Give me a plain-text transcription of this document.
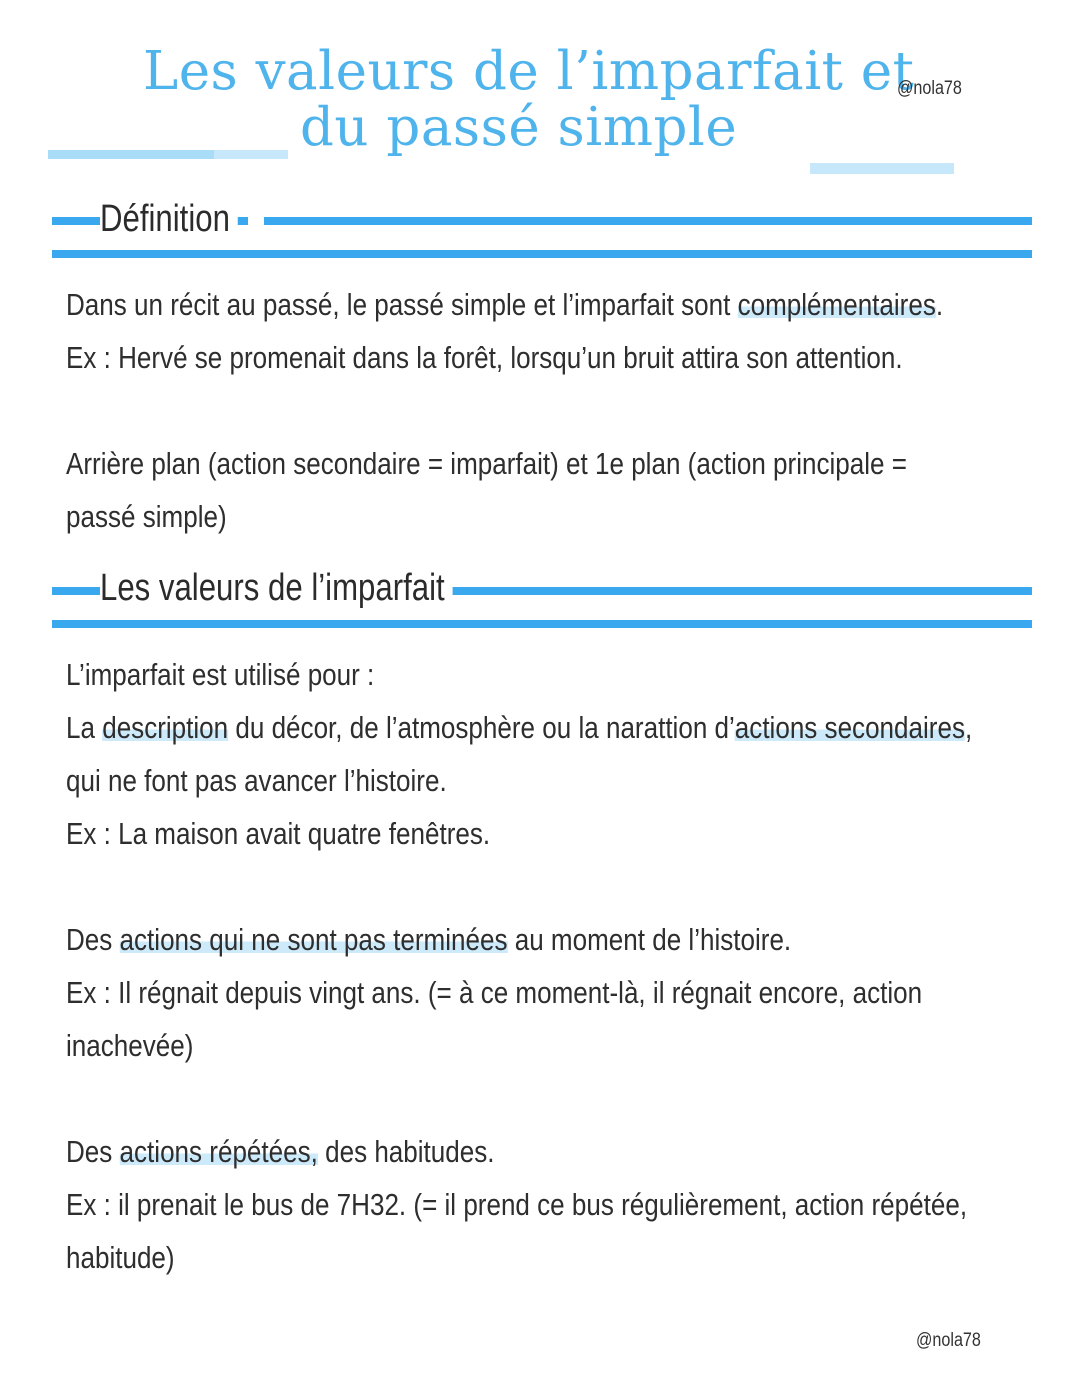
Les valeurs de l’imparfait et
du passé simple
@nola78
Définition
Dans un récit au passé, le passé simple et l’imparfait sont complémentaires.
Ex : Hervé se promenait dans la forêt, lorsqu’un bruit attira son attention.
Arrière plan (action secondaire = imparfait) et 1e plan (action principale =
passé simple)
Les valeurs de l’imparfait
L’imparfait est utilisé pour :
La description du décor, de l’atmosphère ou la narattion d’actions secondaires,
qui ne font pas avancer l’histoire.
Ex : La maison avait quatre fenêtres.
Des actions qui ne sont pas terminées au moment de l’histoire.
Ex : Il régnait depuis vingt ans. (= à ce moment-là, il régnait encore, action
inachevée)
Des actions répétées, des habitudes.
Ex : il prenait le bus de 7H32. (= il prend ce bus régulièrement, action répétée,
habitude)
@nola78
